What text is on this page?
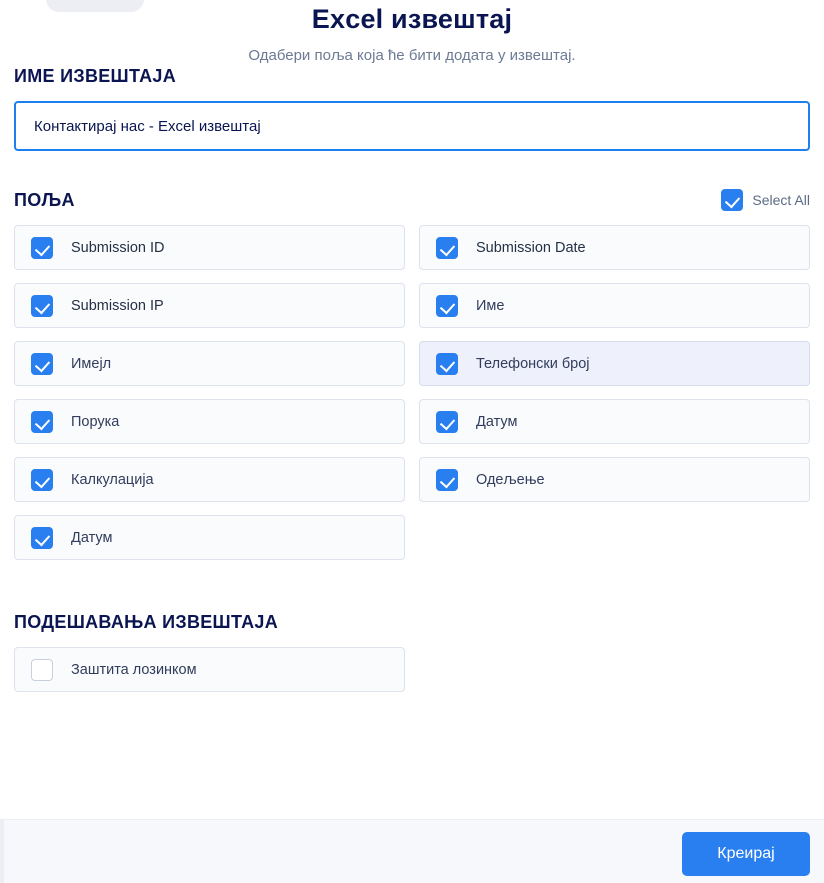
Excel извештај

Одабери поља која ће бити додата у извештај.

ИМЕ ИЗВЕШТАЈА Контактирај нас - Excel извештај
ПОЉА	Select All
Submission ID	Submission Date
Submission IP	Име
Имејл	Телефонски број
Порука	Датум
Калкулација	Одељење
Датум
ПОДЕШАВАЊА ИЗВЕШТАЈА
Заштита лозинком
Креирај
